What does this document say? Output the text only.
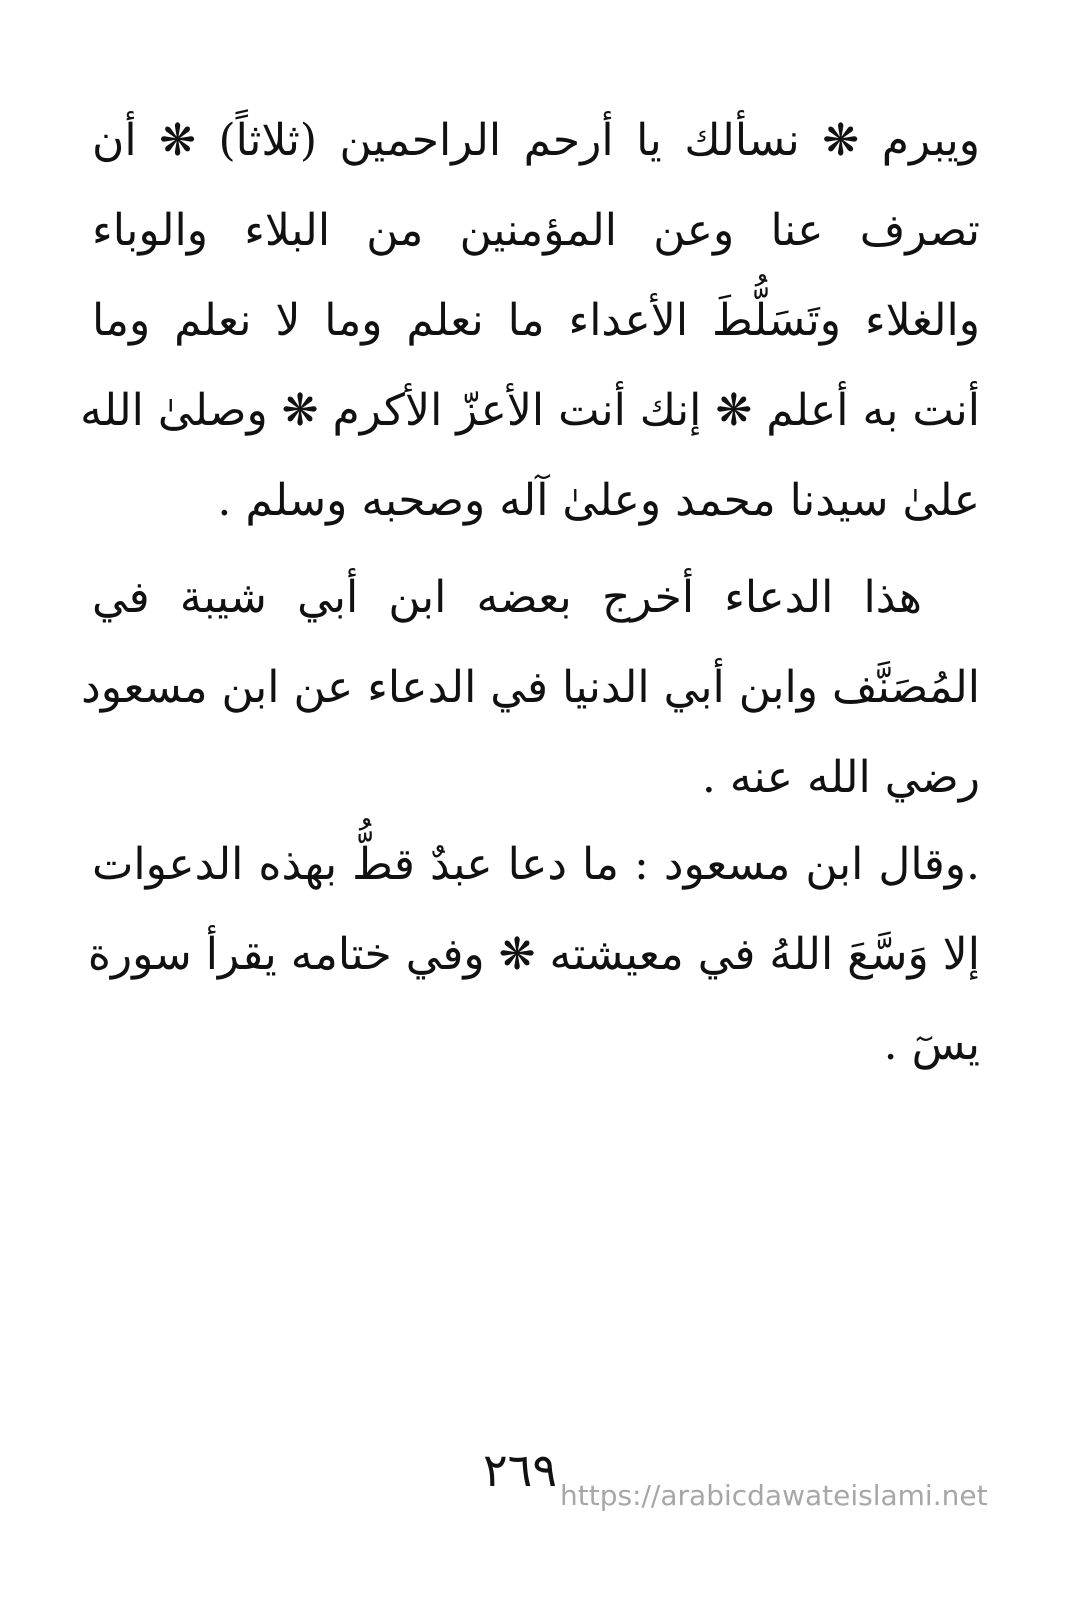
ويبرم ❋ نسألك يا أرحم الراحمين (ثلاثاً) ❋ أن
تصرف عنا وعن المؤمنين من البلاء والوباء
والغلاء وتَسَلُّطَ الأعداء ما نعلم وما لا نعلم وما
أنت به أعلم ❋ إنك أنت الأعزّ الأكرم ❋ وصلىٰ الله
علىٰ سيدنا محمد وعلىٰ آله وصحبه وسلم .
هذا الدعاء أخرج بعضه ابن أبي شيبة في
المُصَنَّف وابن أبي الدنيا في الدعاء عن ابن مسعود
رضي الله عنه .
.وقال ابن مسعود : ما دعا عبدٌ قطُّ بهذه الدعوات
إلا وَسَّعَ اللهُ في معيشته ❋ وفي ختامه يقرأ سورة
يسٓ .
٢٦٩ https://arabicdawateislami.net
